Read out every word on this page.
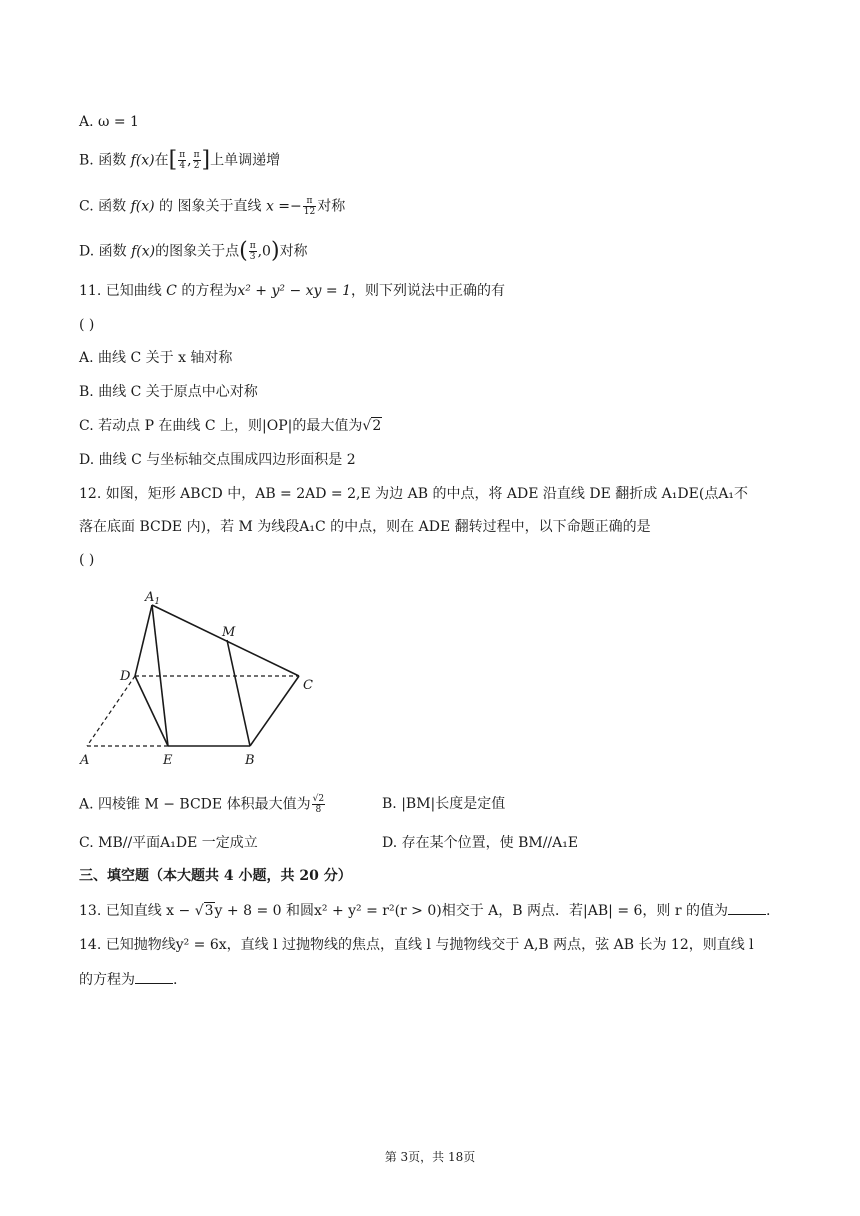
A. ω = 1
B. 函数 f(x)在[ $\frac{\pi}{4}$ , $\frac{\pi}{2}$ ]上单调递增
C. 函数 f(x) 的 图象关于直线 $x =- \frac{\pi}{12}$ 对称
D. 函数 f(x)的图象关于点( $\frac{\pi}{3} ,0$)对称
11. 已知曲线 C 的方程为x² + y² − xy = 1，则下列说法中正确的有
( )
A. 曲线 C 关于 x 轴对称
B. 曲线 C 关于原点中心对称
C. 若动点 P 在曲线 C 上，则|OP|的最大值为√2
D. 曲线 C 与坐标轴交点围成四边形面积是 2
12. 如图，矩形 ABCD 中，AB = 2AD = 2,E 为边 AB 的中点，将 ADE 沿直线 DE 翻折成 A₁DE(点A₁不
落在底面 BCDE 内)，若 M 为线段A₁C 的中点，则在 ADE 翻转过程中，以下命题正确的是
( )
$A_1$
M
D
C
A	E	B
A. 四棱锥 M − BCDE 体积最大值为 $\frac{√2}{8}$	B. |BM|长度是定值
C. MB//平面A₁DE 一定成立	D. 存在某个位置，使 BM//A₁E
三、填空题（本大题共 4 小题，共 20 分）
13. 已知直线 x − √3y + 8 = 0 和圆x² + y² = r²(r > 0)相交于 A，B 两点．若|AB| = 6，则 r 的值为	.
14. 已知抛物线y² = 6x，直线 l 过抛物线的焦点，直线 l 与抛物线交于 A,B 两点，弦 AB 长为 12，则直线 l
的方程为	.
第 3页，共 18页
